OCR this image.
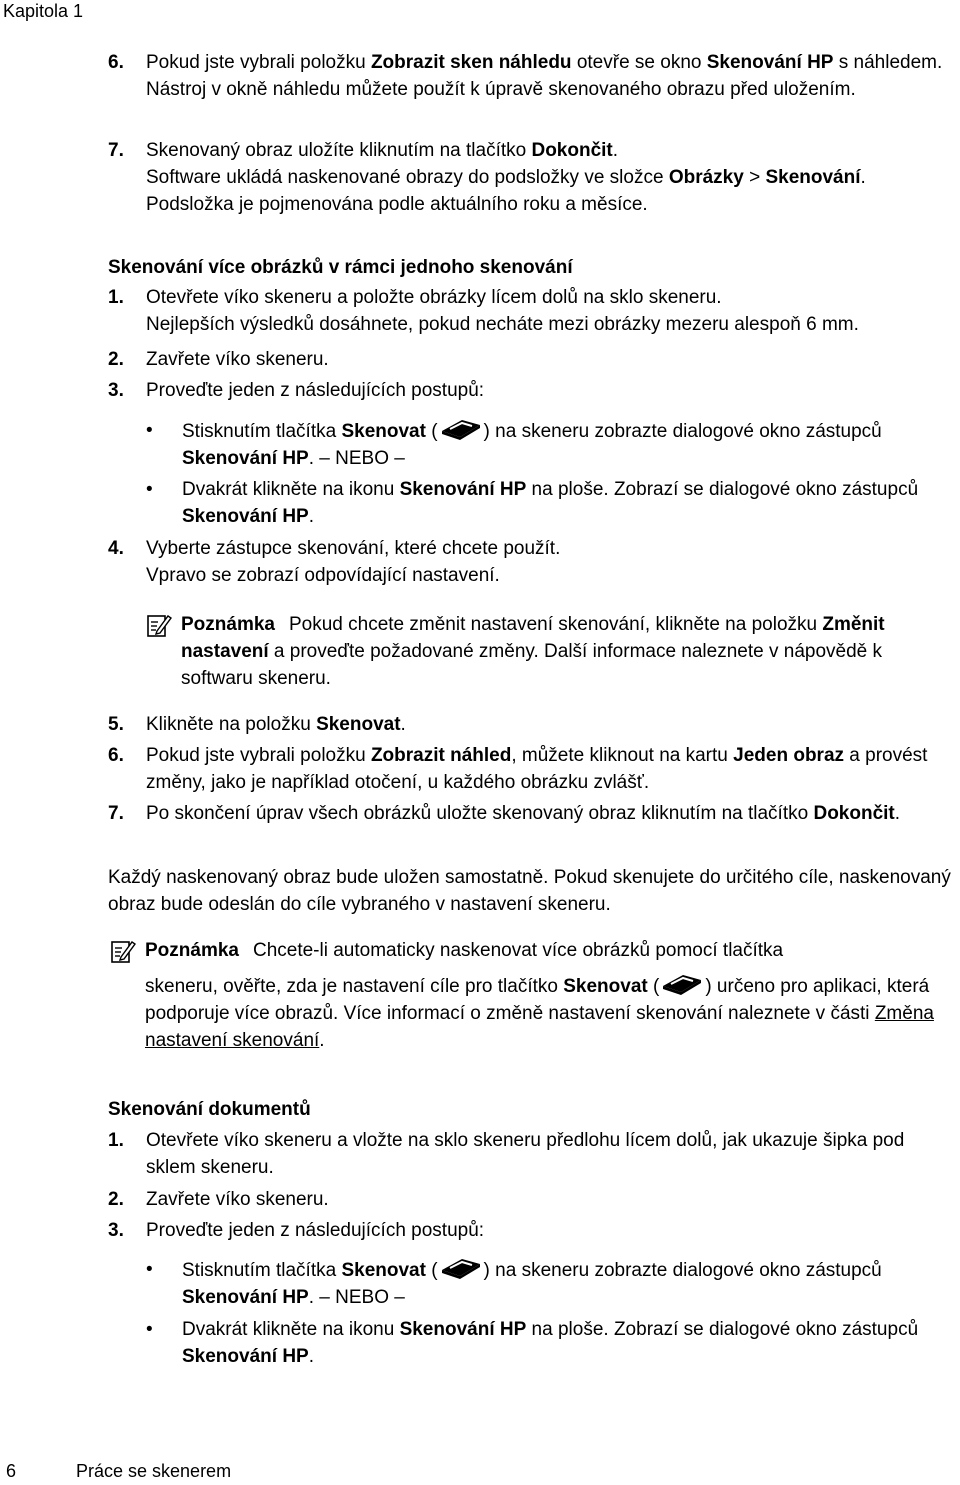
Kapitola 1
6. Pokud jste vybrali položku Zobrazit sken náhledu otevře se okno Skenování HP s náhledem. Nástroj v okně náhledu můžete použít k úpravě skenovaného obrazu před uložením.
7. Skenovaný obraz uložíte kliknutím na tlačítko Dokončit.
Software ukládá naskenované obrazy do podsložky ve složce Obrázky > Skenování. Podsložka je pojmenována podle aktuálního roku a měsíce.
Skenování více obrázků v rámci jednoho skenování
1. Otevřete víko skeneru a položte obrázky lícem dolů na sklo skeneru.
Nejlepších výsledků dosáhnete, pokud necháte mezi obrázky mezeru alespoň 6 mm.
2. Zavřete víko skeneru.
3. Proveďte jeden z následujících postupů:
• Stisknutím tlačítka Skenovat ( ) na skeneru zobrazte dialogové okno zástupců Skenování HP. – NEBO –
• Dvakrát klikněte na ikonu Skenování HP na ploše. Zobrazí se dialogové okno zástupců Skenování HP.
4. Vyberte zástupce skenování, které chcete použít.
Vpravo se zobrazí odpovídající nastavení.
Poznámka Pokud chcete změnit nastavení skenování, klikněte na položku Změnit nastavení a proveďte požadované změny. Další informace naleznete v nápovědě k softwaru skeneru.
5. Klikněte na položku Skenovat.
6. Pokud jste vybrali položku Zobrazit náhled, můžete kliknout na kartu Jeden obraz a provést změny, jako je například otočení, u každého obrázku zvlášť.
7. Po skončení úprav všech obrázků uložte skenovaný obraz kliknutím na tlačítko Dokončit.
Každý naskenovaný obraz bude uložen samostatně. Pokud skenujete do určitého cíle, naskenovaný obraz bude odeslán do cíle vybraného v nastavení skeneru.
Poznámka Chcete-li automaticky naskenovat více obrázků pomocí tlačítka
skeneru, ověřte, zda je nastavení cíle pro tlačítko Skenovat ( ) určeno pro aplikaci, která podporuje více obrazů. Více informací o změně nastavení skenování naleznete v části Změna nastavení skenování.
Skenování dokumentů
1. Otevřete víko skeneru a vložte na sklo skeneru předlohu lícem dolů, jak ukazuje šipka pod sklem skeneru.
2. Zavřete víko skeneru.
3. Proveďte jeden z následujících postupů:
• Stisknutím tlačítka Skenovat ( ) na skeneru zobrazte dialogové okno zástupců Skenování HP. – NEBO –
• Dvakrát klikněte na ikonu Skenování HP na ploše. Zobrazí se dialogové okno zástupců Skenování HP.
6	Práce se skenerem
